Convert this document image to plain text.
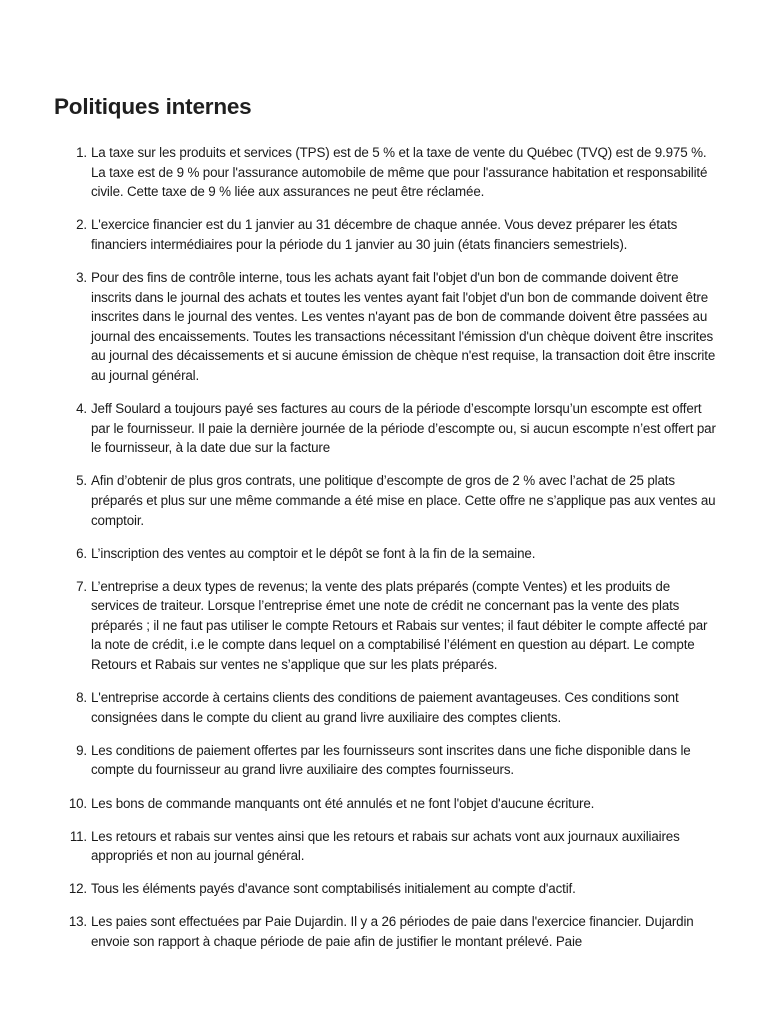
Politiques internes
1. La taxe sur les produits et services (TPS) est de 5 % et la taxe de vente du Québec (TVQ) est de 9.975 %. La taxe est de 9 % pour l'assurance automobile de même que pour l'assurance habitation et responsabilité civile. Cette taxe de 9 % liée aux assurances ne peut être réclamée.
2. L'exercice financier est du 1 janvier au 31 décembre de chaque année. Vous devez préparer les états financiers intermédiaires pour la période du 1 janvier au 30 juin (états financiers semestriels).
3. Pour des fins de contrôle interne, tous les achats ayant fait l'objet d'un bon de commande doivent être inscrits dans le journal des achats et toutes les ventes ayant fait l'objet d'un bon de commande doivent être inscrites dans le journal des ventes. Les ventes n'ayant pas de bon de commande doivent être passées au journal des encaissements. Toutes les transactions nécessitant l'émission d'un chèque doivent être inscrites au journal des décaissements et si aucune émission de chèque n'est requise, la transaction doit être inscrite au journal général.
4. Jeff Soulard a toujours payé ses factures au cours de la période d’escompte lorsqu’un escompte est offert par le fournisseur. Il paie la dernière journée de la période d’escompte ou, si aucun escompte n’est offert par le fournisseur, à la date due sur la facture
5. Afin d’obtenir de plus gros contrats, une politique d’escompte de gros de 2 % avec l’achat de 25 plats préparés et plus sur une même commande a été mise en place. Cette offre ne s’applique pas aux ventes au comptoir.
6. L’inscription des ventes au comptoir et le dépôt se font à la fin de la semaine.
7. L’entreprise a deux types de revenus; la vente des plats préparés (compte Ventes) et les produits de services de traiteur. Lorsque l’entreprise émet une note de crédit ne concernant pas la vente des plats préparés ; il ne faut pas utiliser le compte Retours et Rabais sur ventes; il faut débiter le compte affecté par la note de crédit, i.e le compte dans lequel on a comptabilisé l’élément en question au départ. Le compte Retours et Rabais sur ventes ne s’applique que sur les plats préparés.
8. L'entreprise accorde à certains clients des conditions de paiement avantageuses. Ces conditions sont consignées dans le compte du client au grand livre auxiliaire des comptes clients.
9. Les conditions de paiement offertes par les fournisseurs sont inscrites dans une fiche disponible dans le compte du fournisseur au grand livre auxiliaire des comptes fournisseurs.
10. Les bons de commande manquants ont été annulés et ne font l'objet d'aucune écriture.
11. Les retours et rabais sur ventes ainsi que les retours et rabais sur achats vont aux journaux auxiliaires appropriés et non au journal général.
12. Tous les éléments payés d'avance sont comptabilisés initialement au compte d'actif.
13. Les paies sont effectuées par Paie Dujardin. Il y a 26 périodes de paie dans l'exercice financier. Dujardin envoie son rapport à chaque période de paie afin de justifier le montant prélevé. Paie
